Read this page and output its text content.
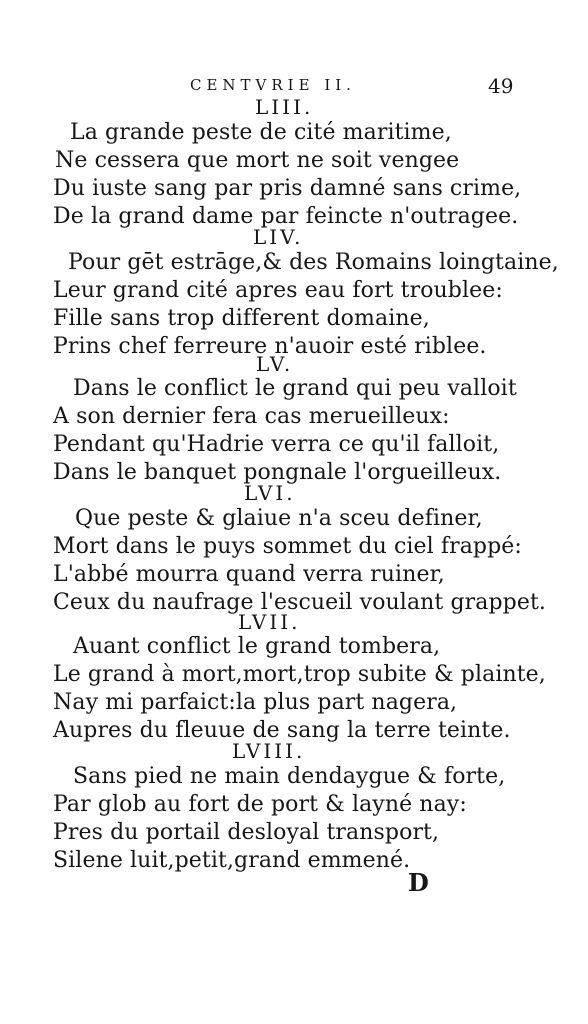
CENTVRIE II.	49
LIII.
La grande peste de cité maritime,
Ne cessera que mort ne soit vengee
Du iuste sang par pris damné sans crime,
De la grand dame par feincte n'outragee.
LIV.
Pour gēt estrāge,& des Romains loingtaine,
Leur grand cité apres eau fort troublee:
Fille sans trop different domaine,
Prins chef ferreure n'auoir esté riblee.
LV.
Dans le conflict le grand qui peu valloit
A son dernier fera cas merueilleux:
Pendant qu'Hadrie verra ce qu'il falloit,
Dans le banquet pongnale l'orgueilleux.
LVI.
Que peste & glaiue n'a sceu definer,
Mort dans le puys sommet du ciel frappé:
L'abbé mourra quand verra ruiner,
Ceux du naufrage l'escueil voulant grappet.
LVII.
Auant conflict le grand tombera,
Le grand à mort,mort,trop subite & plainte,
Nay mi parfaict:la plus part nagera,
Aupres du fleuue de sang la terre teinte.
LVIII.
Sans pied ne main dendaygue & forte,
Par glob au fort de port & layné nay:
Pres du portail desloyal transport,
Silene luit,petit,grand emmené.
D
